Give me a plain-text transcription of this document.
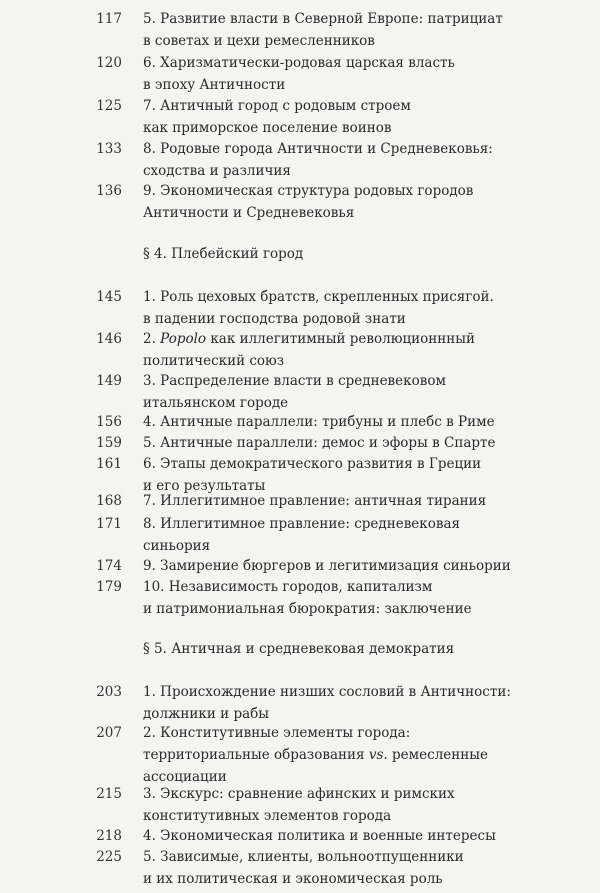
117 5. Развитие власти в Северной Европе: патрициат
в советах и цехи ремесленников
120 6. Харизматически-родовая царская власть
в эпоху Античности
125 7. Античный город с родовым строем
как приморское поселение воинов
133 8. Родовые города Античности и Средневековья:
сходства и различия
136 9. Экономическая структура родовых городов
Античности и Средневековья
§ 4. Плебейский город
145 1. Роль цеховых братств, скрепленных присягой.
в падении господства родовой знати
146 2. Popolo как иллегитимный революционнный
политический союз
149 3. Распределение власти в средневековом
итальянском городе
156 4. Античные параллели: трибуны и плебс в Риме
159 5. Античные параллели: демос и эфоры в Спарте
161 6. Этапы демократического развития в Греции
и его результаты
168 7. Иллегитимное правление: античная тирания
171 8. Иллегитимное правление: средневековая
синьория
174 9. Замирение бюргеров и легитимизация синьории
179 10. Независимость городов, капитализм
и патримониальная бюрократия: заключение
§ 5. Античная и средневековая демократия
203 1. Происхождение низших сословий в Античности:
должники и рабы
207 2. Конститутивные элементы города:
территориальные образования vs. ремесленные
ассоциации
215 3. Экскурс: сравнение афинских и римских
конститутивных элементов города
218 4. Экономическая политика и военные интересы
225 5. Зависимые, клиенты, вольноотпущенники
и их политическая и экономическая роль
